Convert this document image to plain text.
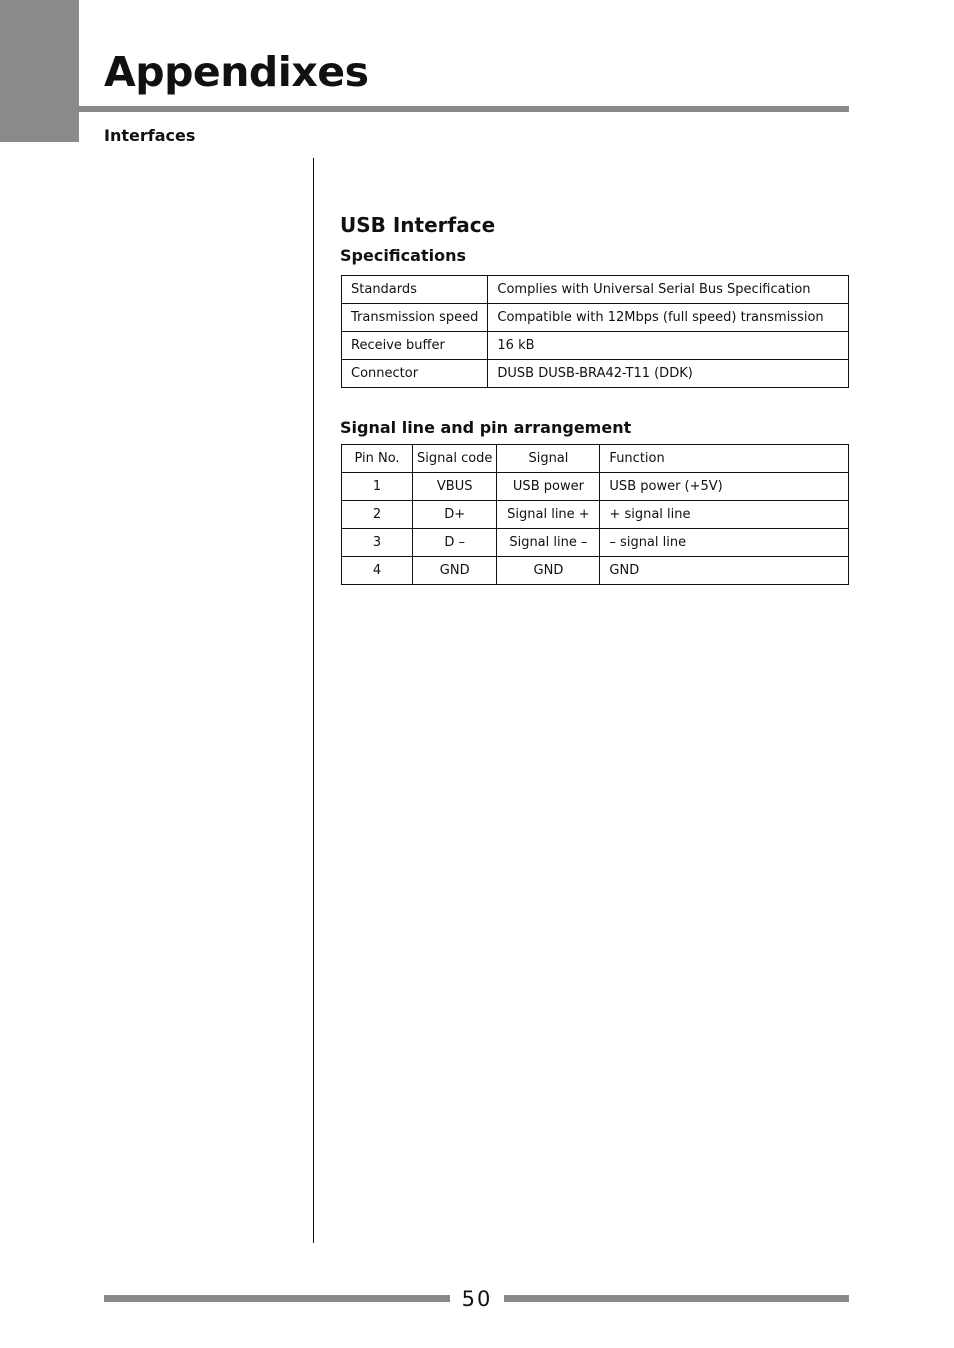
Appendixes
Interfaces
USB Interface
Specifications
Standards	Complies with Universal Serial Bus Specification
Transmission speed	Compatible with 12Mbps (full speed) transmission
Receive buffer	16 kB
Connector	DUSB DUSB-BRA42-T11 (DDK)
Signal line and pin arrangement
Pin No.	Signal code	Signal	Function
1	VBUS	USB power	USB power (+5V)
2	D+	Signal line +	+ signal line
3	D –	Signal line –	– signal line
4	GND	GND	GND
50
